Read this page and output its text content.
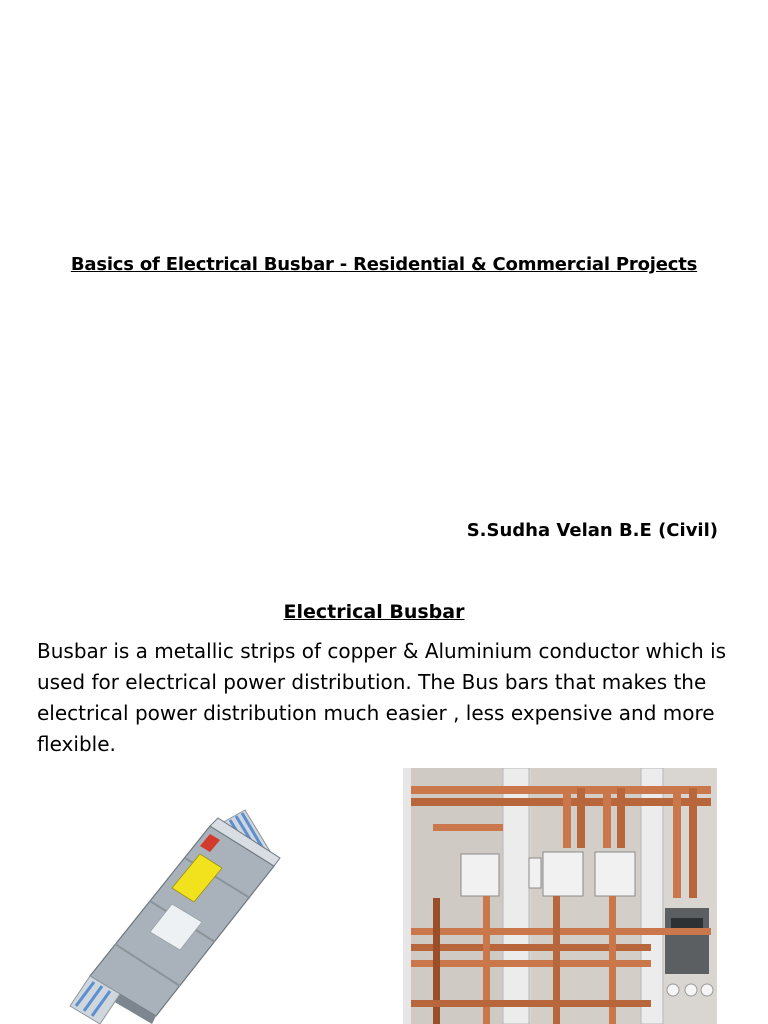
Basics of Electrical Busbar - Residential & Commercial Projects
S.Sudha Velan B.E (Civil)
Electrical Busbar

Busbar is a metallic strips of copper & Aluminium conductor which is used for electrical power distribution. The Bus bars that makes the electrical power distribution much easier , less expensive and more flexible.
